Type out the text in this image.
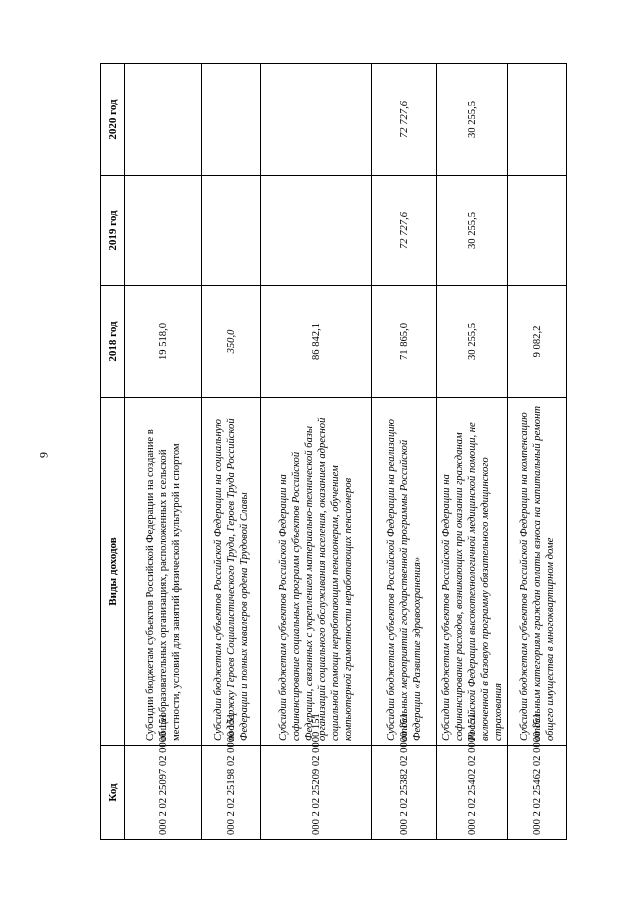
9
Код	Виды доходов	2018 год	2019 год	2020 год
000 2 02 25097 02 0000 151	Субсидии бюджетам субъектов Российской Федерации на создание в общеобразовательных организациях, расположенных в сельской местности, условий для занятий физической культурой и спортом	19 518,0		
000 2 02 25198 02 0000 151	Субсидии бюджетам субъектов Российской Федерации на социальную поддержку Героев Социалистического Труда, Героев Труда Российской Федерации и полных кавалеров ордена Трудовой Славы	350,0		
000 2 02 25209 02 0000 151	Субсидии бюджетам субъектов Российской Федерации на софинансирование социальных программ субъектов Российской Федерации, связанных с укреплением материально-технической базы организаций социального обслуживания населения, оказанием адресной социальной помощи неработающим пенсионерам, обучением компьютерной грамотности неработающих пенсионеров	86 842,1		
000 2 02 25382 02 0000 151	Субсидии бюджетам субъектов Российской Федерации на реализацию отдельных мероприятий государственной программы Российской Федерации «Развитие здравоохранения»	71 865,0	72 727,6	72 727,6
000 2 02 25402 02 0000 151	Субсидии бюджетам субъектов Российской Федерации на софинансирование расходов, возникающих при оказании гражданам Российской Федерации высокотехнологичной медицинской помощи, не включенной в базовую программу обязательного медицинского страхования	30 255,5	30 255,5	30 255,5
000 2 02 25462 02 0000 151	Субсидии бюджетам субъектов Российской Федерации на компенсацию отдельным категориям граждан оплаты взноса на капитальный ремонт общего имущества в многоквартирном доме	9 082,2		
